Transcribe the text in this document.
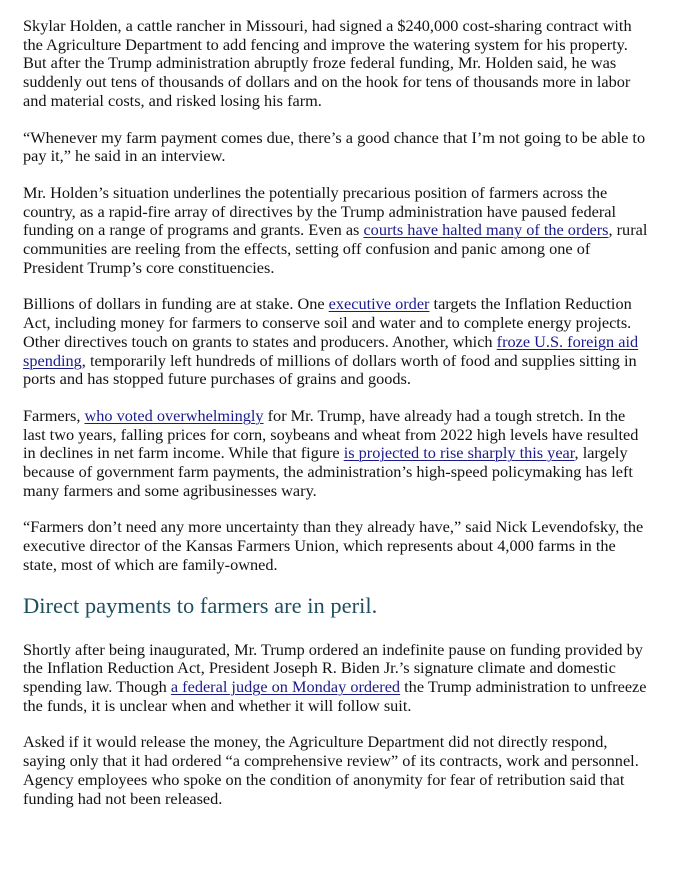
Skylar Holden, a cattle rancher in Missouri, had signed a $240,000 cost-sharing contract with the Agriculture Department to add fencing and improve the watering system for his property. But after the Trump administration abruptly froze federal funding, Mr. Holden said, he was suddenly out tens of thousands of dollars and on the hook for tens of thousands more in labor and material costs, and risked losing his farm.

“Whenever my farm payment comes due, there’s a good chance that I’m not going to be able to pay it,” he said in an interview.

Mr. Holden’s situation underlines the potentially precarious position of farmers across the country, as a rapid-fire array of directives by the Trump administration have paused federal funding on a range of programs and grants. Even as courts have halted many of the orders, rural communities are reeling from the effects, setting off confusion and panic among one of President Trump’s core constituencies.

Billions of dollars in funding are at stake. One executive order targets the Inflation Reduction Act, including money for farmers to conserve soil and water and to complete energy projects. Other directives touch on grants to states and producers. Another, which froze U.S. foreign aid spending, temporarily left hundreds of millions of dollars worth of food and supplies sitting in ports and has stopped future purchases of grains and goods.

Farmers, who voted overwhelmingly for Mr. Trump, have already had a tough stretch. In the last two years, falling prices for corn, soybeans and wheat from 2022 high levels have resulted in declines in net farm income. While that figure is projected to rise sharply this year, largely because of government farm payments, the administration’s high-speed policymaking has left many farmers and some agribusinesses wary.

“Farmers don’t need any more uncertainty than they already have,” said Nick Levendofsky, the executive director of the Kansas Farmers Union, which represents about 4,000 farms in the state, most of which are family-owned.

Direct payments to farmers are in peril.

Shortly after being inaugurated, Mr. Trump ordered an indefinite pause on funding provided by the Inflation Reduction Act, President Joseph R. Biden Jr.’s signature climate and domestic spending law. Though a federal judge on Monday ordered the Trump administration to unfreeze the funds, it is unclear when and whether it will follow suit.

Asked if it would release the money, the Agriculture Department did not directly respond, saying only that it had ordered “a comprehensive review” of its contracts, work and personnel. Agency employees who spoke on the condition of anonymity for fear of retribution said that funding had not been released.
